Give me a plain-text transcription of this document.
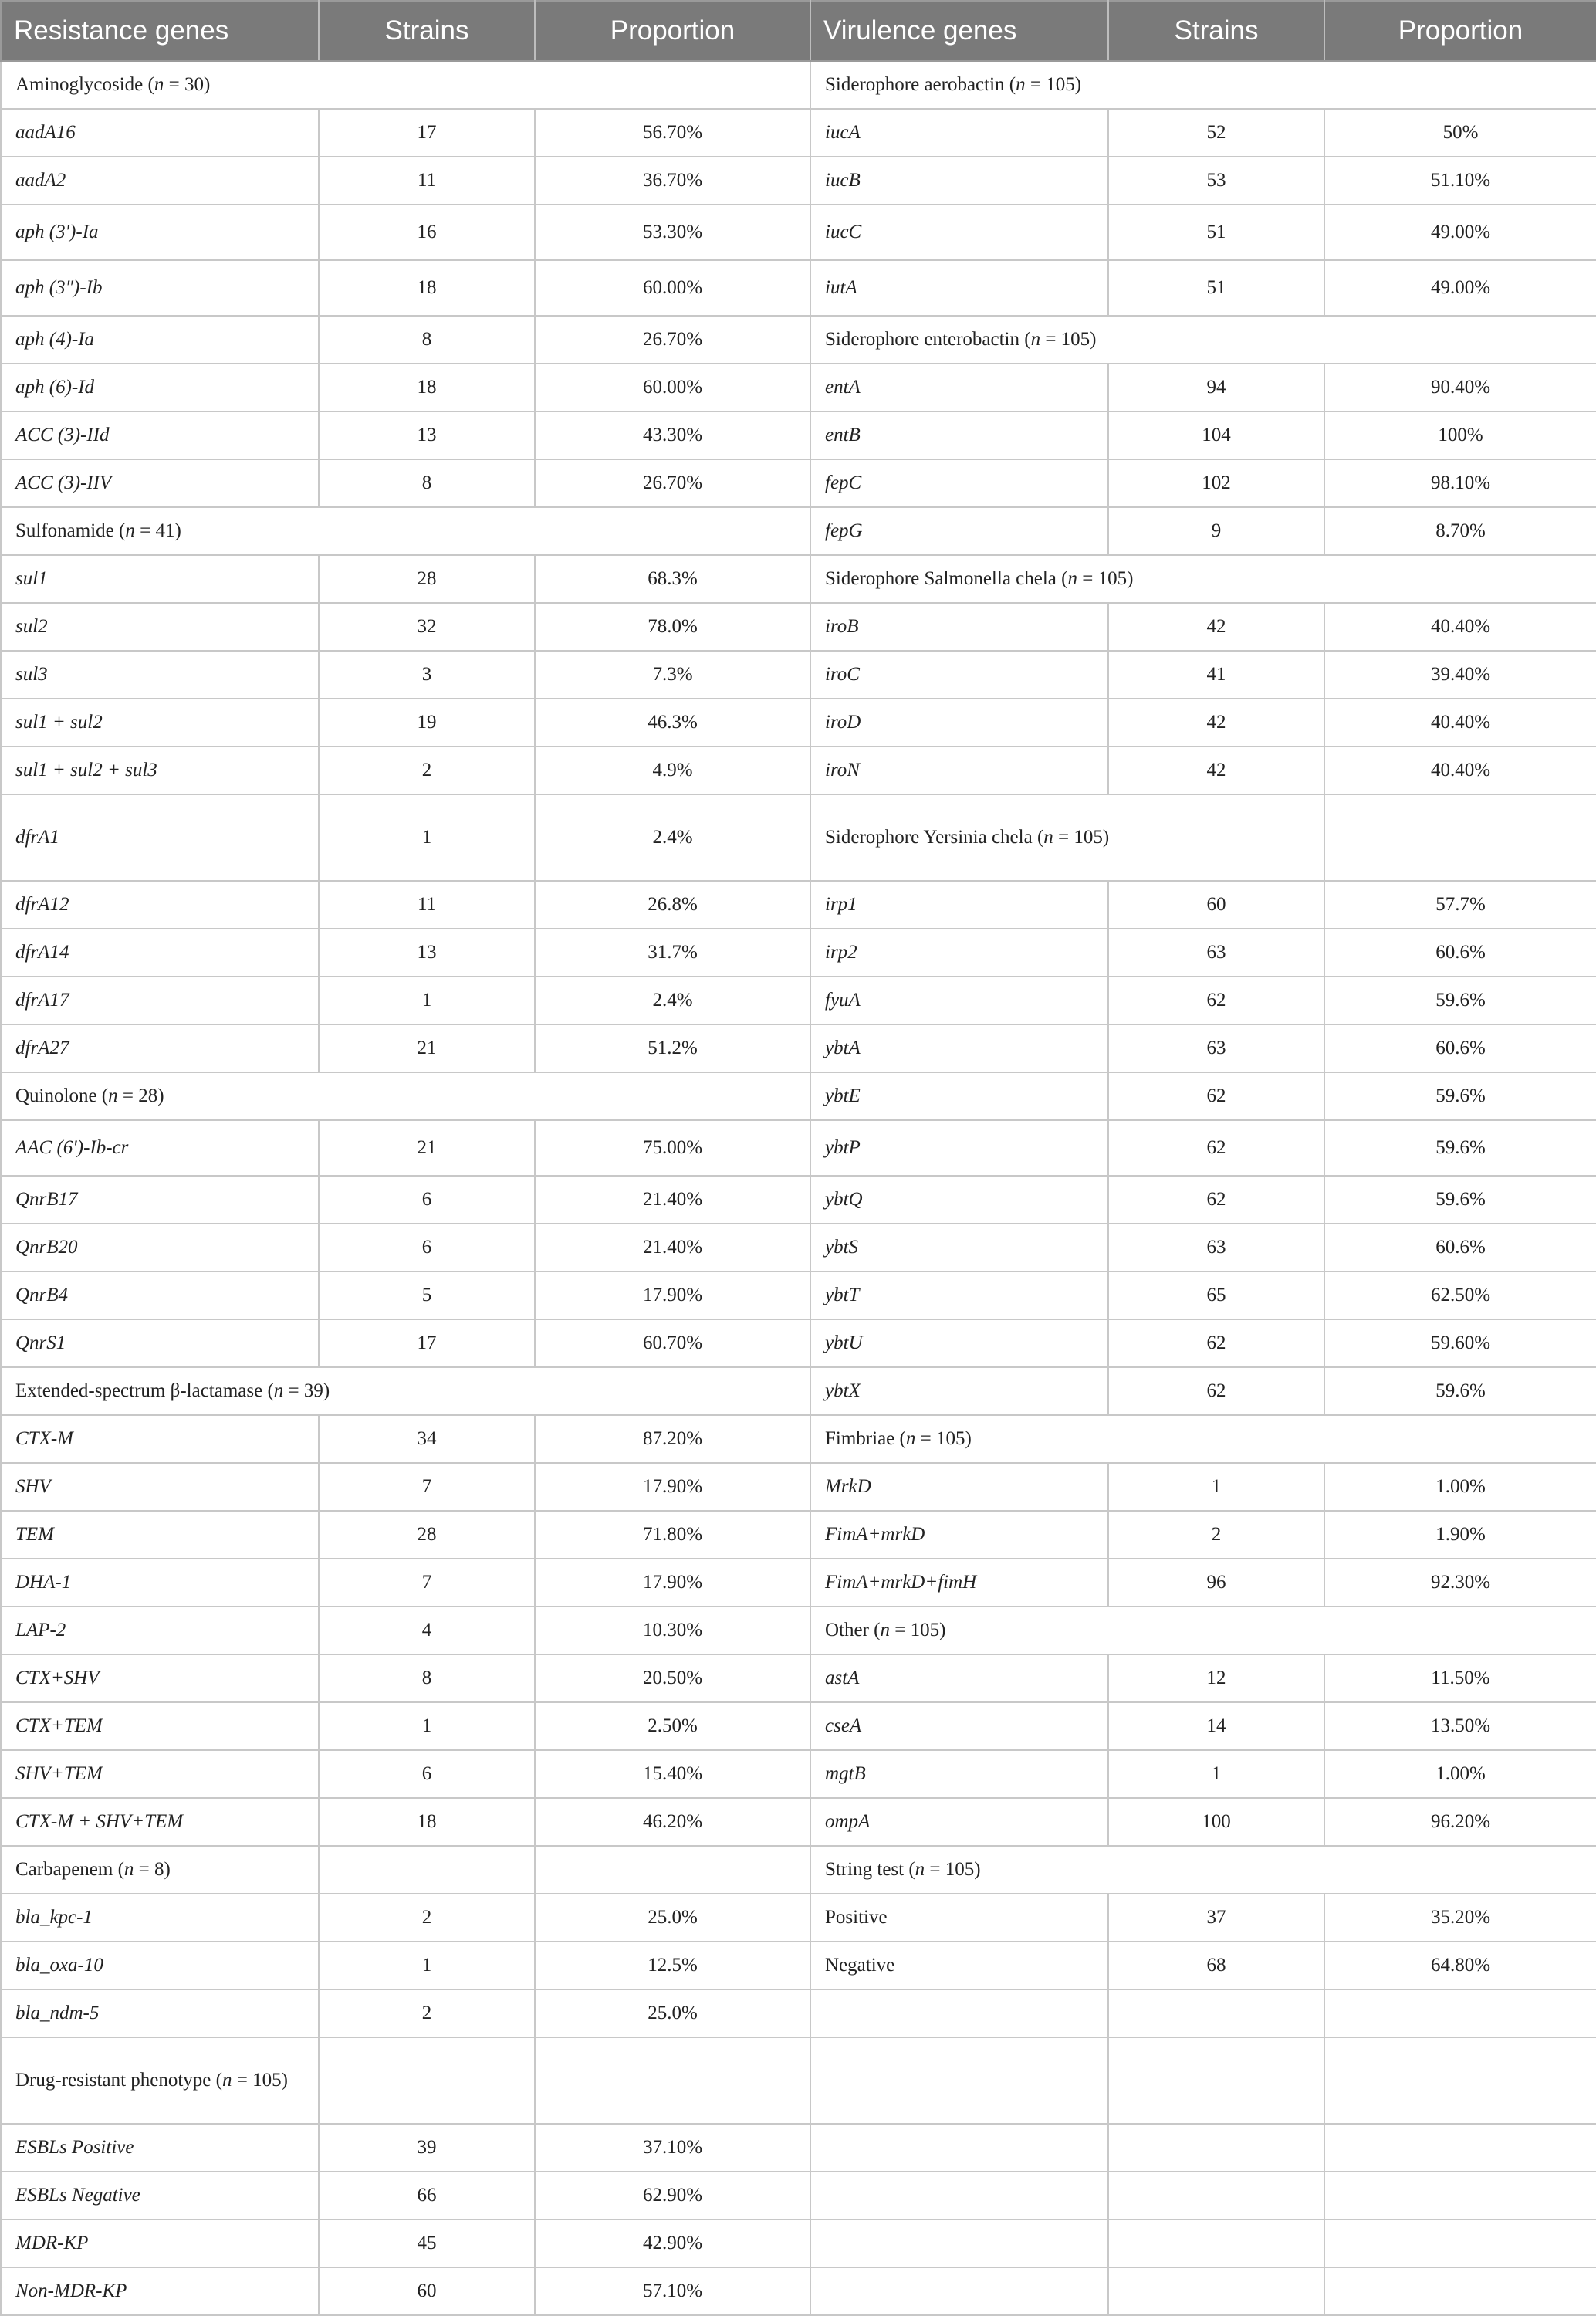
Resistance genes	Strains	Proportion	Virulence genes	Strains	Proportion
Aminoglycoside (n = 30)			Siderophore aerobactin (n = 105)		
aadA16	17	56.70%	iucA	52	50%
aadA2	11	36.70%	iucB	53	51.10%
aph (3′)-Ia	16	53.30%	iucC	51	49.00%
aph (3″)-Ib	18	60.00%	iutA	51	49.00%
aph (4)-Ia	8	26.70%	Siderophore enterobactin (n = 105)		
aph (6)-Id	18	60.00%	entA	94	90.40%
ACC (3)-IId	13	43.30%	entB	104	100%
ACC (3)-IIV	8	26.70%	fepC	102	98.10%
Sulfonamide (n = 41)			fepG	9	8.70%
sul1	28	68.3%	Siderophore Salmonella chela (n = 105)		
sul2	32	78.0%	iroB	42	40.40%
sul3	3	7.3%	iroC	41	39.40%
sul1 + sul2	19	46.3%	iroD	42	40.40%
sul1 + sul2 + sul3	2	4.9%	iroN	42	40.40%
dfrA1	1	2.4%	Siderophore Yersinia chela (n = 105)		
dfrA12	11	26.8%	irp1	60	57.7%
dfrA14	13	31.7%	irp2	63	60.6%
dfrA17	1	2.4%	fyuA	62	59.6%
dfrA27	21	51.2%	ybtA	63	60.6%
Quinolone (n = 28)			ybtE	62	59.6%
AAC (6′)-Ib-cr	21	75.00%	ybtP	62	59.6%
QnrB17	6	21.40%	ybtQ	62	59.6%
QnrB20	6	21.40%	ybtS	63	60.6%
QnrB4	5	17.90%	ybtT	65	62.50%
QnrS1	17	60.70%	ybtU	62	59.60%
Extended-spectrum β-lactamase (n = 39)			ybtX	62	59.6%
CTX-M	34	87.20%	Fimbriae (n = 105)		
SHV	7	17.90%	MrkD	1	1.00%
TEM	28	71.80%	FimA+mrkD	2	1.90%
DHA-1	7	17.90%	FimA+mrkD+fimH	96	92.30%
LAP-2	4	10.30%	Other (n = 105)		
CTX+SHV	8	20.50%	astA	12	11.50%
CTX+TEM	1	2.50%	cseA	14	13.50%
SHV+TEM	6	15.40%	mgtB	1	1.00%
CTX-M + SHV+TEM	18	46.20%	ompA	100	96.20%
Carbapenem (n = 8)			String test (n = 105)		
bla_kpc-1	2	25.0%	Positive	37	35.20%
bla_oxa-10	1	12.5%	Negative	68	64.80%
bla_ndm-5	2	25.0%			
Drug-resistant phenotype (n = 105)					
ESBLs Positive	39	37.10%			
ESBLs Negative	66	62.90%			
MDR-KP	45	42.90%			
Non-MDR-KP	60	57.10%			
